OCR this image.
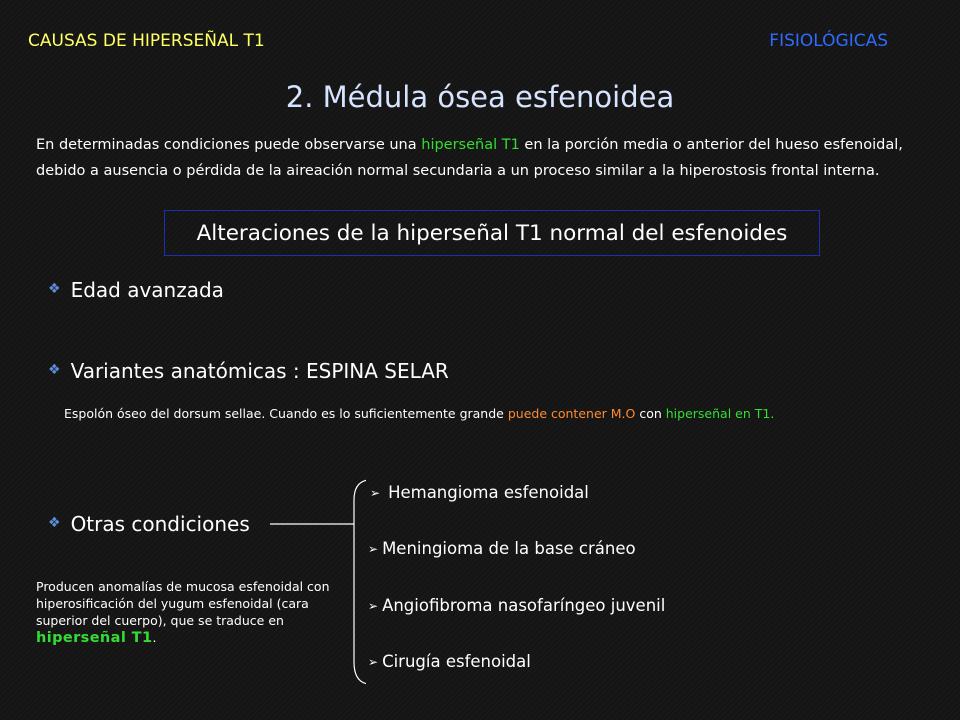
CAUSAS DE HIPERSEÑAL T1	FISIOLÓGICAS
2. Médula ósea esfenoidea
En determinadas condiciones puede observarse una hiperseñal T1 en la porción media o anterior del hueso esfenoidal, debido a ausencia o pérdida de la aireación normal secundaria a un proceso similar a la hiperostosis frontal interna.
Alteraciones de la hiperseñal T1 normal del esfenoides
❖ Edad avanzada
❖ Variantes anatómicas : ESPINA SELAR
Espolón óseo del dorsum sellae. Cuando es lo suficientemente grande puede contener M.O con hiperseñal en T1.
❖ Otras condiciones
➢ Hemangioma esfenoidal
➢ Meningioma de la base cráneo
➢ Angiofibroma nasofaríngeo juvenil
➢ Cirugía esfenoidal
Producen anomalías de mucosa esfenoidal con hiperosificación del yugum esfenoidal (cara superior del cuerpo), que se traduce en hiperseñal T1.
